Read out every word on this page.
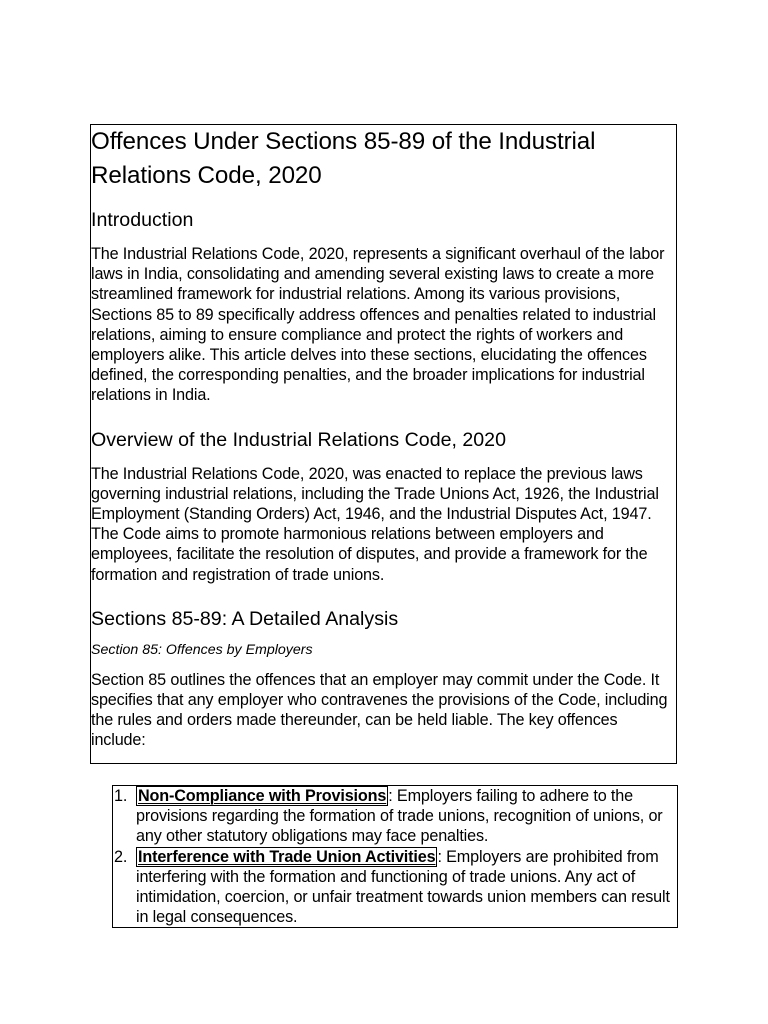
Offences Under Sections 85-89 of the Industrial Relations Code, 2020
Introduction

The Industrial Relations Code, 2020, represents a significant overhaul of the labor laws in India, consolidating and amending several existing laws to create a more streamlined framework for industrial relations. Among its various provisions, Sections 85 to 89 specifically address offences and penalties related to industrial relations, aiming to ensure compliance and protect the rights of workers and employers alike. This article delves into these sections, elucidating the offences defined, the corresponding penalties, and the broader implications for industrial relations in India.

Overview of the Industrial Relations Code, 2020

The Industrial Relations Code, 2020, was enacted to replace the previous laws governing industrial relations, including the Trade Unions Act, 1926, the Industrial Employment (Standing Orders) Act, 1946, and the Industrial Disputes Act, 1947. The Code aims to promote harmonious relations between employers and employees, facilitate the resolution of disputes, and provide a framework for the formation and registration of trade unions.

Sections 85-89: A Detailed Analysis
Section 85: Offences by Employers

Section 85 outlines the offences that an employer may commit under the Code. It specifies that any employer who contravenes the provisions of the Code, including the rules and orders made thereunder, can be held liable. The key offences include:

1. Non-Compliance with Provisions : Employers failing to adhere to the provisions regarding the formation of trade unions, recognition of unions, or any other statutory obligations may face penalties.
2. Interference with Trade Union Activities : Employers are prohibited from interfering with the formation and functioning of trade unions. Any act of intimidation, coercion, or unfair treatment towards union members can result in legal consequences.
